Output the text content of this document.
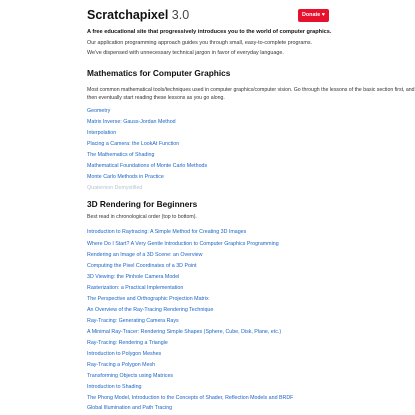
Scratchapixel 3.0	Donate ♥
A free educational site that progressively introduces you to the world of computer graphics.
Our application programming approach guides you through small, easy-to-complete programs.
We've dispensed with unnecessary technical jargon in favor of everyday language.
Mathematics for Computer Graphics
Most common mathematical tools/techniques used in computer graphics/computer vision. Go through the lessons of the basic section first, and then eventually start reading these lessons as you go along.
Geometry
Matrix Inverse: Gauss-Jordan Method
Interpolation
Placing a Camera: the LookAt Function
The Mathematics of Shading
Mathematical Foundations of Monte Carlo Methods
Monte Carlo Methods in Practice
Quaternion Demystified
3D Rendering for Beginners
Best read in chronological order (top to bottom).
Introduction to Raytracing: A Simple Method for Creating 3D Images
Where Do I Start? A Very Gentle Introduction to Computer Graphics Programming
Rendering an Image of a 3D Scene: an Overview
Computing the Pixel Coordinates of a 3D Point
3D Viewing: the Pinhole Camera Model
Rasterization: a Practical Implementation
The Perspective and Orthographic Projection Matrix
An Overview of the Ray-Tracing Rendering Technique
Ray-Tracing: Generating Camera Rays
A Minimal Ray-Tracer: Rendering Simple Shapes (Sphere, Cube, Disk, Plane, etc.)
Ray-Tracing: Rendering a Triangle
Introduction to Polygon Meshes
Ray-Tracing a Polygon Mesh
Transforming Objects using Matrices
Introduction to Shading
The Phong Model, Introduction to the Concepts of Shader, Reflection Models and BRDF
Global Illumination and Path Tracing
